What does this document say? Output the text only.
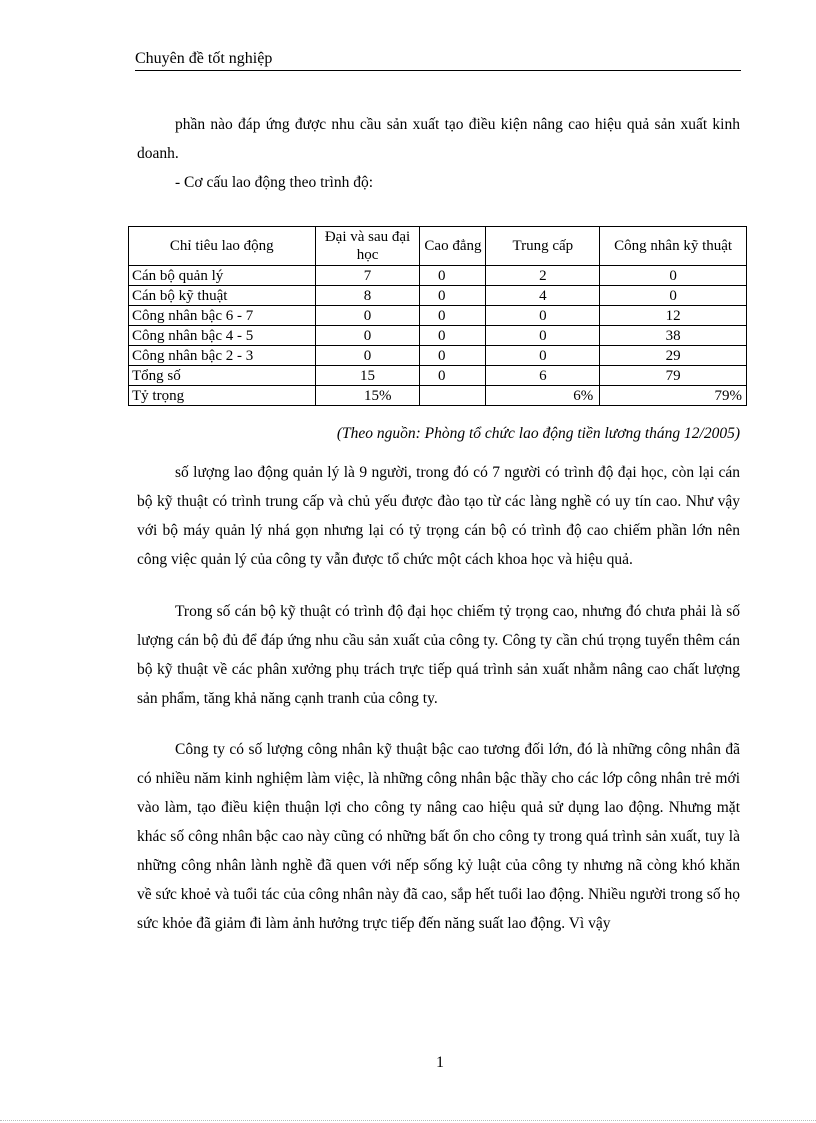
Chuyên đề tốt nghiệp

phần nào đáp ứng được nhu cầu sản xuất tạo điều kiện nâng cao hiệu quả sản xuất kinh doanh.

- Cơ cấu lao động theo trình độ:

Chỉ tiêu lao động	Đại và sau đại học	Cao đẳng	Trung cấp	Công nhân kỹ thuật
Cán bộ quản lý	7	0	2	0
Cán bộ kỹ thuật	8	0	4	0
Công nhân bậc 6 - 7	0	0	0	12
Công nhân bậc 4 - 5	0	0	0	38
Công nhân bậc 2 - 3	0	0	0	29
Tổng số	15	0	6	79
Tỷ trọng	15%		6%	79%
(Theo nguồn: Phòng tổ chức lao động tiền lương tháng 12/2005)

số lượng lao động quản lý là 9 người, trong đó có 7 người có trình độ đại học, còn lại cán bộ kỹ thuật có trình trung cấp và chủ yếu được đào tạo từ các làng nghề có uy tín cao. Như vậy với bộ máy quản lý nhá gọn nhưng lại có tỷ trọng cán bộ có trình độ cao chiếm phần lớn nên công việc quản lý của công ty vẫn được tổ chức một cách khoa học và hiệu quả.

Trong số cán bộ kỹ thuật có trình độ đại học chiếm tỷ trọng cao, nhưng đó chưa phải là số lượng cán bộ đủ để đáp ứng nhu cầu sản xuất của công ty. Công ty cần chú trọng tuyển thêm cán bộ kỹ thuật về các phân xưởng phụ trách trực tiếp quá trình sản xuất nhằm nâng cao chất lượng sản phẩm, tăng khả năng cạnh tranh của công ty.

Công ty có số lượng công nhân kỹ thuật bậc cao tương đối lớn, đó là những công nhân đã có nhiều năm kinh nghiệm làm việc, là những công nhân bậc thầy cho các lớp công nhân trẻ mới vào làm, tạo điều kiện thuận lợi cho công ty nâng cao hiệu quả sử dụng lao động. Nhưng mặt khác số công nhân bậc cao này cũng có những bất ổn cho công ty trong quá trình sản xuất, tuy là những công nhân lành nghề đã quen với nếp sống kỷ luật của công ty nhưng nã còng khó khăn về sức khoẻ và tuổi tác của công nhân này đã cao, sắp hết tuổi lao động. Nhiều người trong số họ sức khỏe đã giảm đi làm ảnh hưởng trực tiếp đến năng suất lao động. Vì vậy

1
